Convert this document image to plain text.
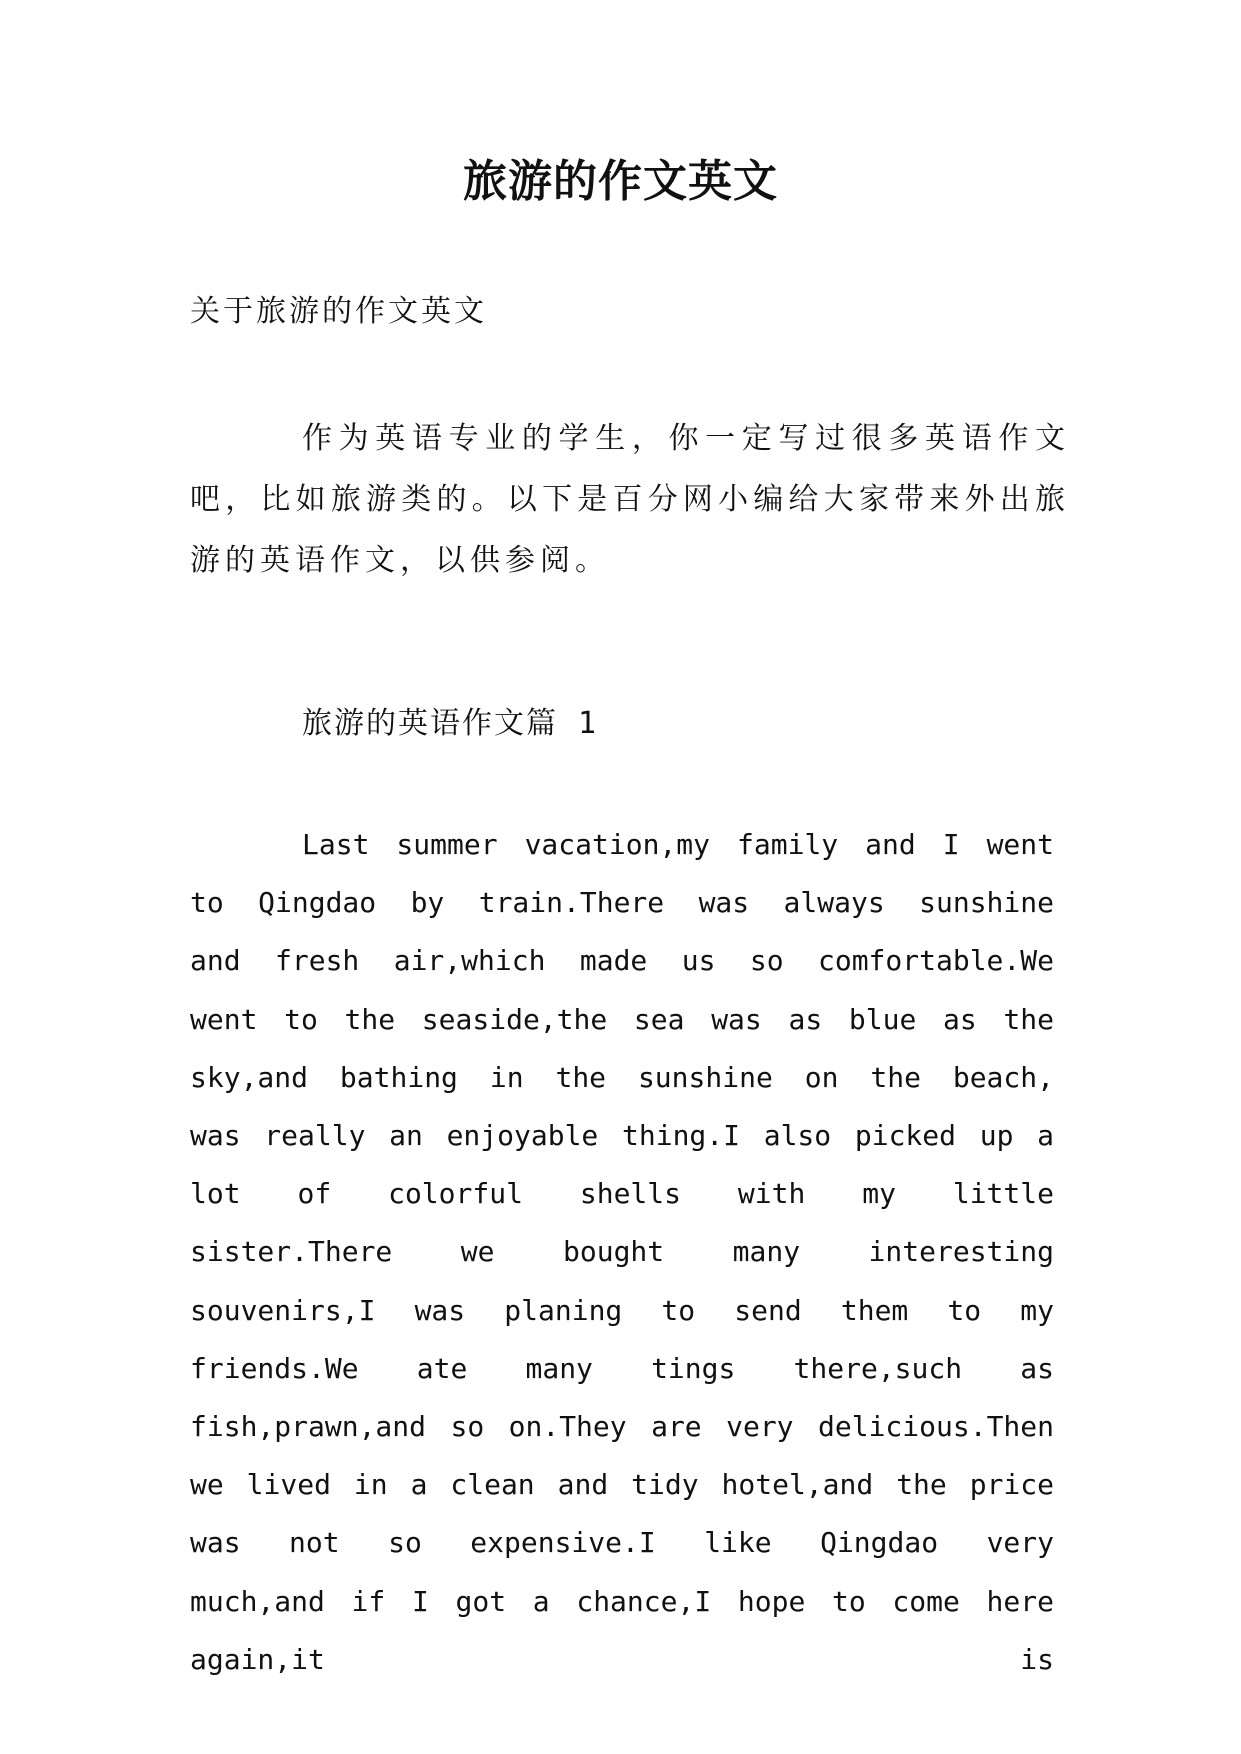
旅游的作文英文
关于旅游的作文英文

作为英语专业的学生，你一定写过很多英语作文吧，比如旅游类的。以下是百分网小编给大家带来外出旅游的英语作文，以供参阅。

旅游的英语作文篇 1

Last summer vacation,my family and I went to Qingdao by train.There was always sunshine and fresh air,which made us so comfortable.We went to the seaside,the sea was as blue as the sky,and bathing in the sunshine on the beach, was really an enjoyable thing.I also picked up a lot of colorful shells with my little sister.There we bought many interesting souvenirs,I was planing to send them to my friends.We ate many tings there,such as fish,prawn,and so on.They are very delicious.Then we lived in a clean and tidy hotel,and the price was not so expensive.I like Qingdao very much,and if I got a chance,I hope to come here again,it is
